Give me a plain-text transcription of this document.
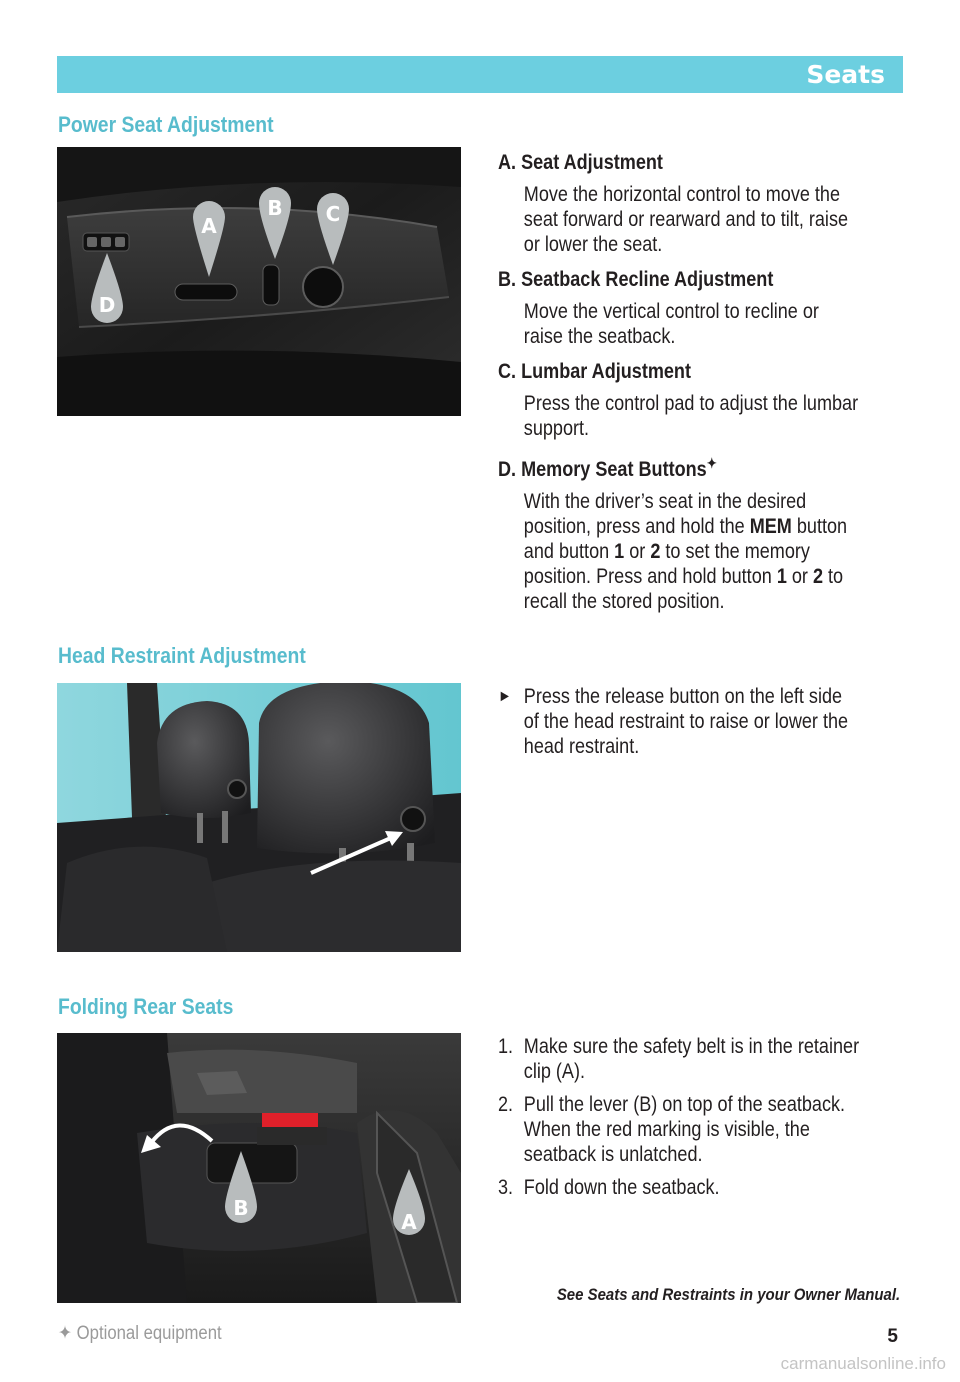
Seats
Power Seat Adjustment
A
B C
D

A. Seat Adjustment

Move the horizontal control to move the seat forward or rearward and to tilt, raise or lower the seat.

B. Seatback Recline Adjustment

Move the vertical control to recline or raise the seatback.

C. Lumbar Adjustment

Press the control pad to adjust the lumbar support.

D. Memory Seat Buttons✦

With the driver’s seat in the desired position, press and hold the MEM button and button 1 or 2 to set the memory position. Press and hold button 1 or 2 to recall the stored position.
Head Restraint Adjustment
► Press the release button on the left side of the head restraint to raise or lower the head restraint.
Folding Rear Seats
B
A
1. Make sure the safety belt is in the retainer clip (A).
2. Pull the lever (B) on top of the seatback. When the red marking is visible, the seatback is unlatched.
3. Fold down the seatback.
See Seats and Restraints in your Owner Manual.
✦ Optional equipment	5
carmanualsonline.info
